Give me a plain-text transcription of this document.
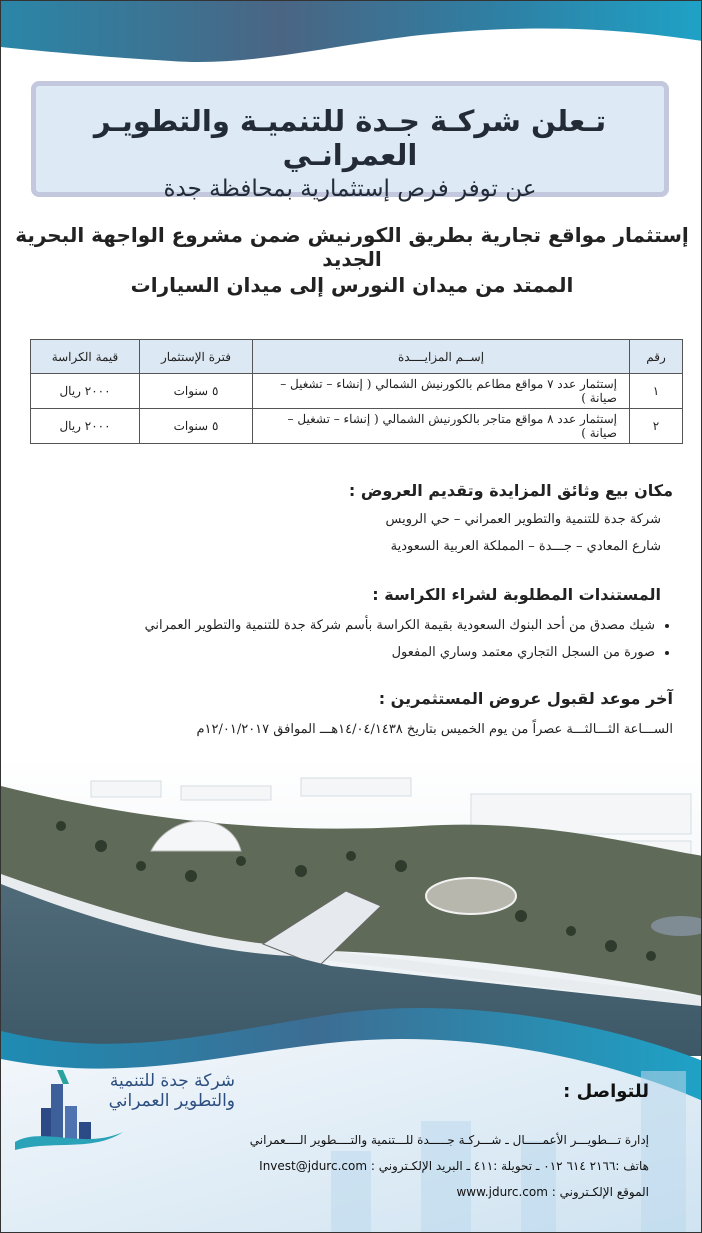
تـعلن شركـة جـدة للتنميـة والتطويـر العمرانـي
عن توفر فرص إستثمارية بمحافظة جدة
إستثمار مواقع تجارية بطريق الكورنيش ضمن مشروع الواجهة البحرية الجديد
الممتد من ميدان النورس إلى ميدان السيارات
رقم	إســم المزايــــدة	فترة الإستثمار	قيمة الكراسة
١	إستثمار عدد ٧ مواقع مطاعم بالكورنيش الشمالي ( إنشاء – تشغيل – صيانة )	٥ سنوات	٢٠٠٠ ريال
٢	إستثمار عدد ٨ مواقع متاجر بالكورنيش الشمالي ( إنشاء – تشغيل – صيانة )	٥ سنوات	٢٠٠٠ ريال
مكان بيع وثائق المزايدة وتقديم العروض :
شركة جدة للتنمية والتطوير العمراني – حي الرويس
شارع المعادي – جـــدة – المملكة العربية السعودية
المستندات المطلوبة لشراء الكراسة :
• شيك مصدق من أحد البنوك السعودية بقيمة الكراسة بأسم شركة جدة للتنمية والتطوير العمراني
• صورة من السجل التجاري معتمد وساري المفعول
آخر موعد لقبول عروض المستثمرين :
الســـاعة الثـــالثـــة عصراً من يوم الخميس بتاريخ ١٤/٠٤/١٤٣٨هـــ الموافق ١٢/٠١/٢٠١٧م
شركة جدة للتنمية
والتطوير العمراني	للتواصل :
إدارة تـــطويـــر الأعمـــــال ـ شـــركـة جـــــدة للـــتنمية والتــــطوير الــــعمراني
هاتف :٢١٦٦ ٦١٤ ٠١٢ ـ تحويلة :٤١١ ـ البريد الإلكـتروني : Invest@jdurc.com
الموقع الإلكـتروني : www.jdurc.com
